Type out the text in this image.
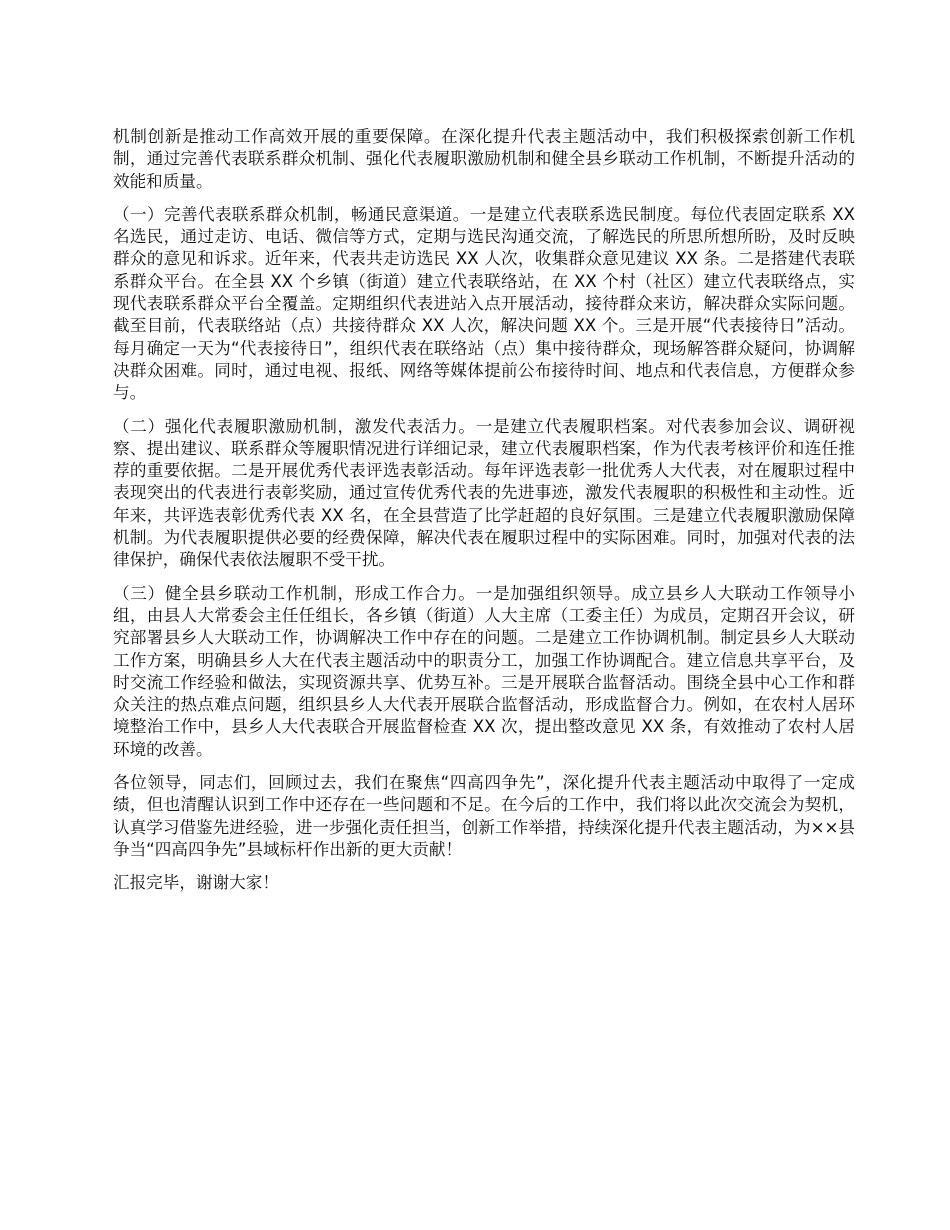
机制创新是推动工作高效开展的重要保障。在深化提升代表主题活动中，我们积极探索创新工作机制，通过完善代表联系群众机制、强化代表履职激励机制和健全县乡联动工作机制，不断提升活动的效能和质量。

（一）完善代表联系群众机制，畅通民意渠道。一是建立代表联系选民制度。每位代表固定联系 XX 名选民，通过走访、电话、微信等方式，定期与选民沟通交流，了解选民的所思所想所盼，及时反映群众的意见和诉求。近年来，代表共走访选民 XX 人次，收集群众意见建议 XX 条。二是搭建代表联系群众平台。在全县 XX 个乡镇（街道）建立代表联络站，在 XX 个村（社区）建立代表联络点，实现代表联系群众平台全覆盖。定期组织代表进站入点开展活动，接待群众来访，解决群众实际问题。截至目前，代表联络站（点）共接待群众 XX 人次，解决问题 XX 个。三是开展“代表接待日”活动。每月确定一天为“代表接待日”，组织代表在联络站（点）集中接待群众，现场解答群众疑问，协调解决群众困难。同时，通过电视、报纸、网络等媒体提前公布接待时间、地点和代表信息，方便群众参与。

（二）强化代表履职激励机制，激发代表活力。一是建立代表履职档案。对代表参加会议、调研视察、提出建议、联系群众等履职情况进行详细记录，建立代表履职档案，作为代表考核评价和连任推荐的重要依据。二是开展优秀代表评选表彰活动。每年评选表彰一批优秀人大代表，对在履职过程中表现突出的代表进行表彰奖励，通过宣传优秀代表的先进事迹，激发代表履职的积极性和主动性。近年来，共评选表彰优秀代表 XX 名，在全县营造了比学赶超的良好氛围。三是建立代表履职激励保障机制。为代表履职提供必要的经费保障，解决代表在履职过程中的实际困难。同时，加强对代表的法律保护，确保代表依法履职不受干扰。

（三）健全县乡联动工作机制，形成工作合力。一是加强组织领导。成立县乡人大联动工作领导小组，由县人大常委会主任任组长，各乡镇（街道）人大主席（工委主任）为成员，定期召开会议，研究部署县乡人大联动工作，协调解决工作中存在的问题。二是建立工作协调机制。制定县乡人大联动工作方案，明确县乡人大在代表主题活动中的职责分工，加强工作协调配合。建立信息共享平台，及时交流工作经验和做法，实现资源共享、优势互补。三是开展联合监督活动。围绕全县中心工作和群众关注的热点难点问题，组织县乡人大代表开展联合监督活动，形成监督合力。例如，在农村人居环境整治工作中，县乡人大代表联合开展监督检查 XX 次，提出整改意见 XX 条，有效推动了农村人居环境的改善。

各位领导，同志们，回顾过去，我们在聚焦“四高四争先”，深化提升代表主题活动中取得了一定成绩，但也清醒认识到工作中还存在一些问题和不足。在今后的工作中，我们将以此次交流会为契机，认真学习借鉴先进经验，进一步强化责任担当，创新工作举措，持续深化提升代表主题活动，为××县争当“四高四争先”县域标杆作出新的更大贡献！

汇报完毕，谢谢大家！
